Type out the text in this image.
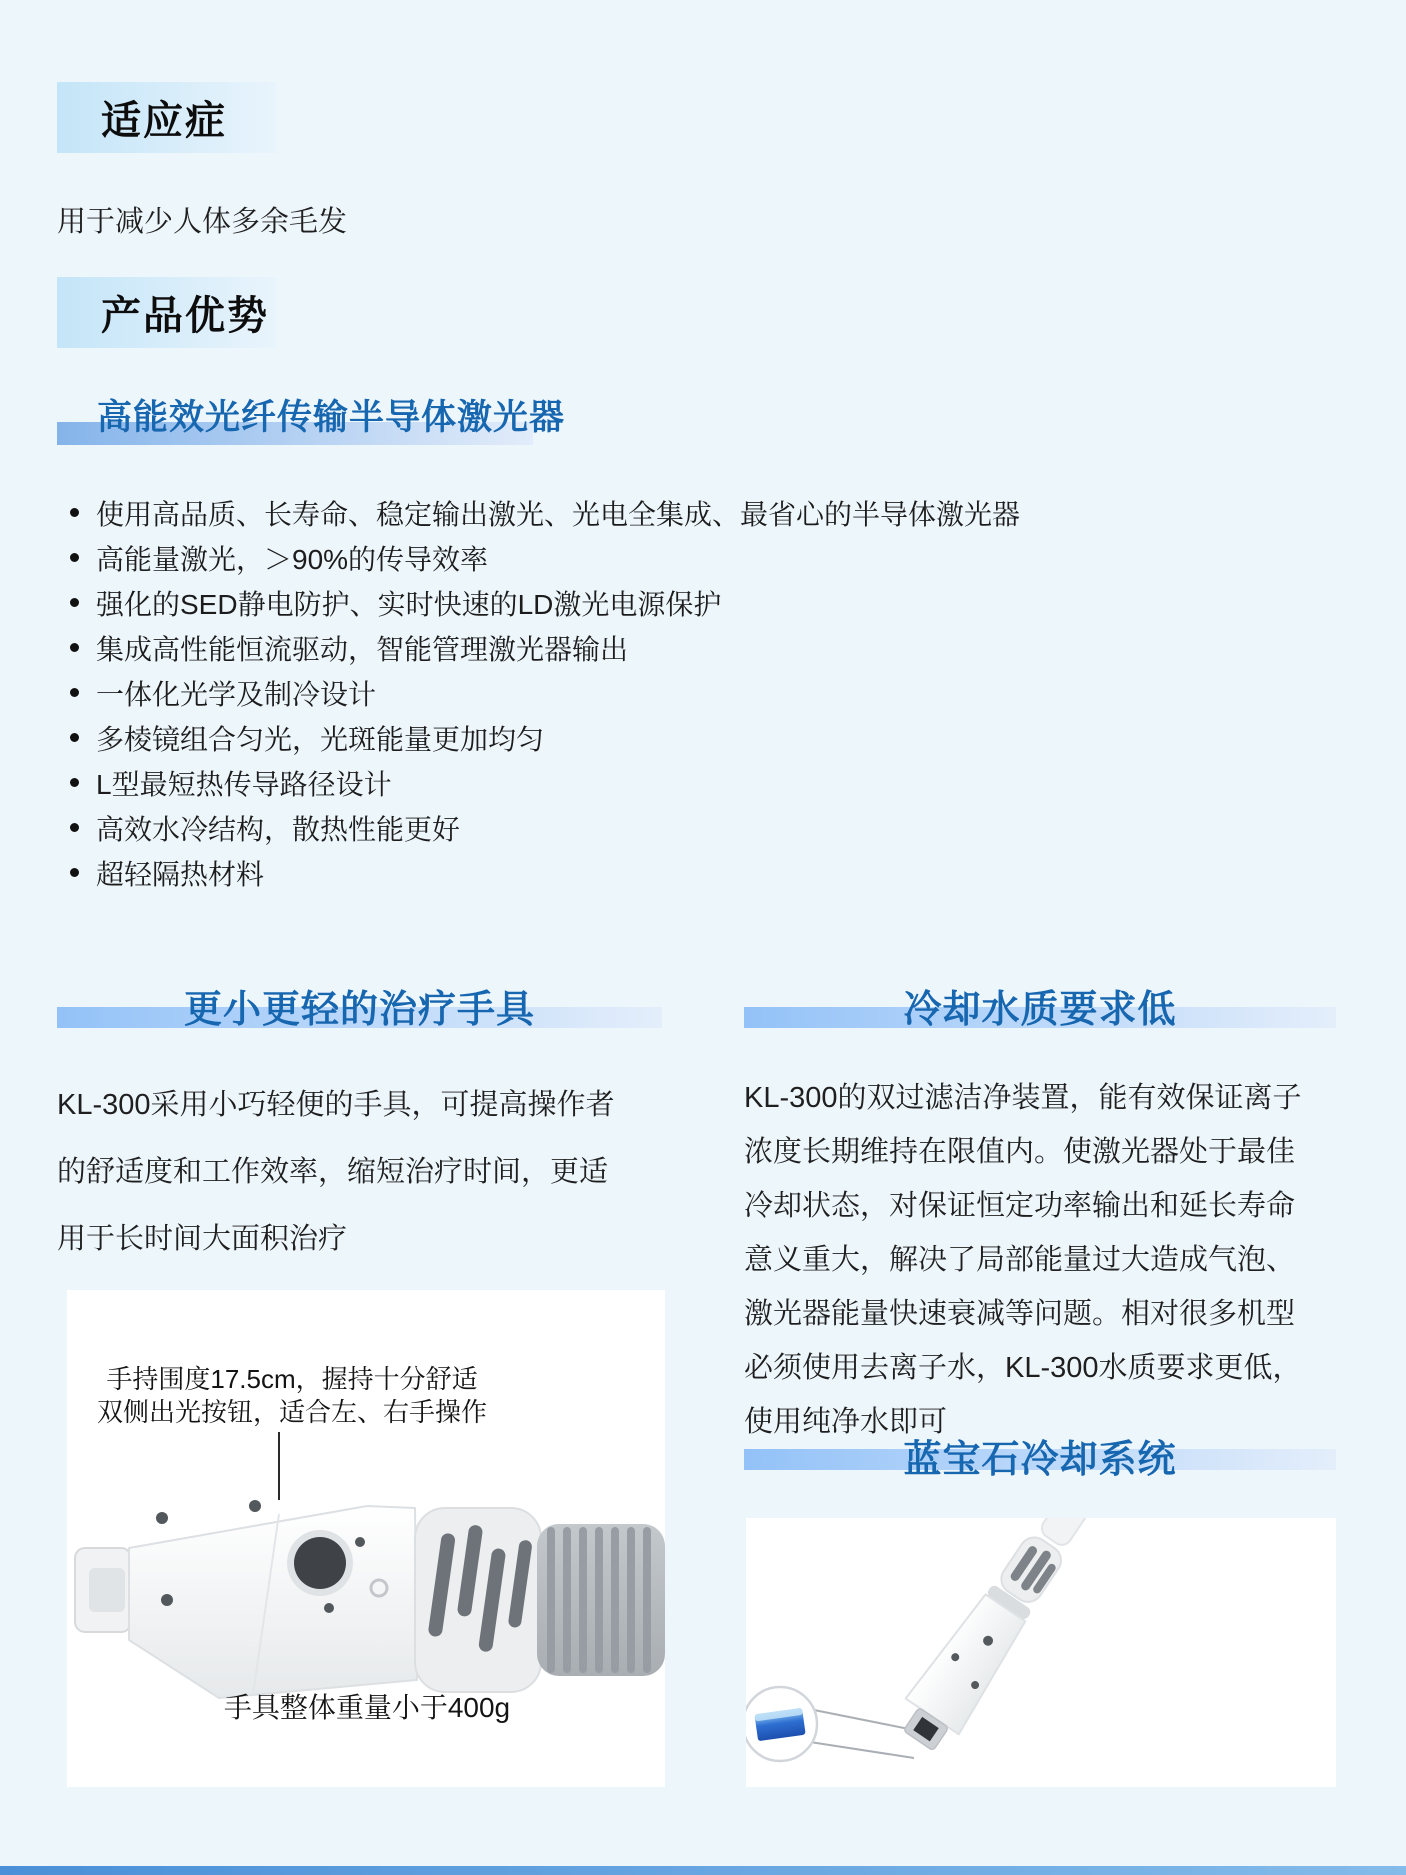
适应症
用于减少人体多余毛发
产品优势
高能效光纤传输半导体激光器
使用高品质、长寿命、稳定输出激光、光电全集成、最省心的半导体激光器
高能量激光，＞90%的传导效率
强化的SED静电防护、实时快速的LD激光电源保护
集成高性能恒流驱动，智能管理激光器输出
一体化光学及制冷设计
多棱镜组合匀光，光斑能量更加均匀
L型最短热传导路径设计
高效水冷结构，散热性能更好
超轻隔热材料
更小更轻的治疗手具	冷却水质要求低
KL-300采用小巧轻便的手具，可提高操作者
的舒适度和工作效率，缩短治疗时间，更适
用于长时间大面积治疗
KL-300的双过滤洁净装置，能有效保证离子
浓度长期维持在限值内。使激光器处于最佳
冷却状态，对保证恒定功率输出和延长寿命
意义重大，解决了局部能量过大造成气泡、
激光器能量快速衰减等问题。相对很多机型
必须使用去离子水，KL-300水质要求更低，
使用纯净水即可
蓝宝石冷却系统
手持围度17.5cm，握持十分舒适
双侧出光按钮，适合左、右手操作
手具整体重量小于400g
